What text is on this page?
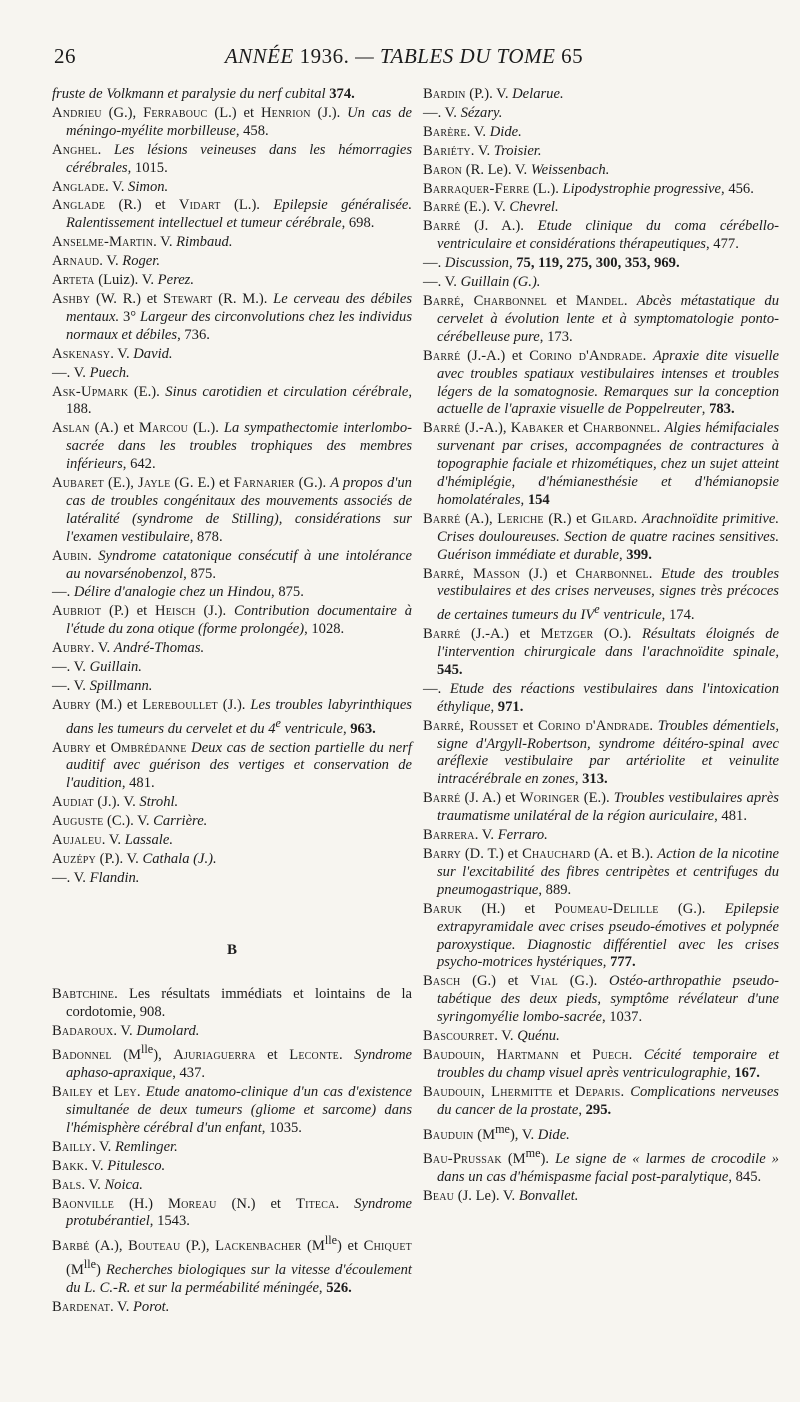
26	ANNÉE 1936. — TABLES DU TOME 65
fruste de Volkmann et paralysie du nerf cubital 374.
Andrieu (G.), Ferrabouc (L.) et Henrion (J.). Un cas de méningo-myélite morbilleuse, 458.
Anghel. Les lésions veineuses dans les hémorragies cérébrales, 1015.
Anglade. V. Simon.
Anglade (R.) et Vidart (L.). Epilepsie généralisée. Ralentissement intellectuel et tumeur cérébrale, 698.
Anselme-Martin. V. Rimbaud.
Arnaud. V. Roger.
Arteta (Luiz). V. Perez.
Ashby (W. R.) et Stewart (R. M.). Le cerveau des débiles mentaux. 3° Largeur des circonvolutions chez les individus normaux et débiles, 736.
Askenasy. V. David.
—. V. Puech.
Ask-Upmark (E.). Sinus carotidien et circulation cérébrale, 188.
Aslan (A.) et Marcou (L.). La sympathectomie interlombo-sacrée dans les troubles trophiques des membres inférieurs, 642.
Aubaret (E.), Jayle (G. E.) et Farnarier (G.). A propos d'un cas de troubles congénitaux des mouvements associés de latéralité (syndrome de Stilling), considérations sur l'examen vestibulaire, 878.
Aubin. Syndrome catatonique consécutif à une intolérance au novarsénobenzol, 875.
—. Délire d'analogie chez un Hindou, 875.
Aubriot (P.) et Heisch (J.). Contribution documentaire à l'étude du zona otique (forme prolongée), 1028.
Aubry. V. André-Thomas.
—. V. Guillain.
—. V. Spillmann.
Aubry (M.) et Lereboullet (J.). Les troubles labyrinthiques dans les tumeurs du cervelet et du 4e ventricule, 963.
Aubry et Ombrédanne Deux cas de section partielle du nerf auditif avec guérison des vertiges et conservation de l'audition, 481.
Audiat (J.). V. Strohl.
Auguste (C.). V. Carrière.
Aujaleu. V. Lassale.
Auzépy (P.). V. Cathala (J.).
—. V. Flandin.
B
Babtchine. Les résultats immédiats et lointains de la cordotomie, 908.
Badaroux. V. Dumolard.
Badonnel $(M^{lle})$, Ajuriaguerra et Leconte. Syndrome aphaso-apraxique, 437.
Bailey et Ley. Etude anatomo-clinique d'un cas d'existence simultanée de deux tumeurs (gliome et sarcome) dans l'hémisphère cérébral d'un enfant, 1035.
Bailly. V. Remlinger.
Bakk. V. Pitulesco.
Bals. V. Noica.
Baonville (H.) Moreau (N.) et Titeca. Syndrome protubérantiel, 1543.
Barbé (A.), Bouteau (P.), Lackenbacher $(M^{lle})$ et Chiquet $(M^{lle})$ Recherches biologiques sur la vitesse d'écoulement du L. C.-R. et sur la perméabilité méningée, 526.
Bardenat. V. Porot.
Bardin (P.). V. Delarue.
—. V. Sézary.
Barère. V. Dide.
Bariéty. V. Troisier.
Baron (R. Le). V. Weissenbach.
Barraquer-Ferre (L.). Lipodystrophie progressive, 456.
Barré (E.). V. Chevrel.
Barré (J. A.). Etude clinique du coma cérébello-ventriculaire et considérations thérapeutiques, 477.
—. Discussion, 75, 119, 275, 300, 353, 969.
—. V. Guillain (G.).
Barré, Charbonnel et Mandel. Abcès métastatique du cervelet à évolution lente et à symptomatologie ponto-cérébelleuse pure, 173.
Barré (J.-A.) et Corino d'Andrade. Apraxie dite visuelle avec troubles spatiaux vestibulaires intenses et troubles légers de la somatognosie. Remarques sur la conception actuelle de l'apraxie visuelle de Poppelreuter, 783.
Barré (J.-A.), Kabaker et Charbonnel. Algies hémifaciales survenant par crises, accompagnées de contractures à topographie faciale et rhizométiques, chez un sujet atteint d'hémiplégie, d'hémianesthésie et d'hémianopsie homolatérales, 154
Barré (A.), Leriche (R.) et Gilard. Arachnoïdite primitive. Crises douloureuses. Section de quatre racines sensitives. Guérison immédiate et durable, 399.
Barré, Masson (J.) et Charbonnel. Etude des troubles vestibulaires et des crises nerveuses, signes très précoces de certaines tumeurs du IVe ventricule, 174.
Barré (J.-A.) et Metzger (O.). Résultats éloignés de l'intervention chirurgicale dans l'arachnoïdite spinale, 545.
—. Etude des réactions vestibulaires dans l'intoxication éthylique, 971.
Barré, Rousset et Corino d'Andrade. Troubles démentiels, signe d'Argyll-Robertson, syndrome déitéro-spinal avec aréflexie vestibulaire par artériolite et veinulite intracérébrale en zones, 313.
Barré (J. A.) et Woringer (E.). Troubles vestibulaires après traumatisme unilatéral de la région auriculaire, 481.
Barrera. V. Ferraro.
Barry (D. T.) et Chauchard (A. et B.). Action de la nicotine sur l'excitabilité des fibres centripètes et centrifuges du pneumogastrique, 889.
Baruk (H.) et Poumeau-Delille (G.). Epilepsie extrapyramidale avec crises pseudo-émotives et polypnée paroxystique. Diagnostic différentiel avec les crises psycho-motrices hystériques, 777.
Basch (G.) et Vial (G.). Ostéo-arthropathie pseudo-tabétique des deux pieds, symptôme révélateur d'une syringomyélie lombo-sacrée, 1037.
Bascourret. V. Quénu.
Baudouin, Hartmann et Puech. Cécité temporaire et troubles du champ visuel après ventriculographie, 167.
Baudouin, Lhermitte et Deparis. Complications nerveuses du cancer de la prostate, 295.
Bauduin $(M^{me})$, V. Dide.
Bau-Prussak $(M^{me})$. Le signe de « larmes de crocodile » dans un cas d'hémispasme facial post-paralytique, 845.
Beau (J. Le). V. Bonvallet.
